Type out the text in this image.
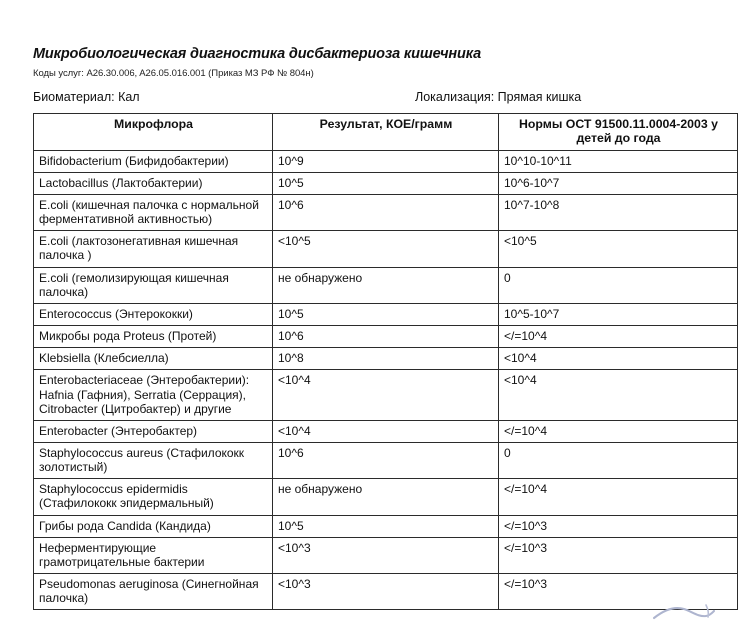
Микробиологическая диагностика дисбактериоза кишечника
Коды услуг: A26.30.006, A26.05.016.001 (Приказ МЗ РФ № 804н)
Биоматериал: Кал	Локализация: Прямая кишка
Микрофлора	Результат, КОЕ/грамм	Нормы ОСТ 91500.11.0004-2003 у детей до года
Bifidobacterium (Бифидобактерии)	10^9	10^10-10^11
Lactobacillus (Лактобактерии)	10^5	10^6-10^7
E.coli (кишечная палочка с нормальной ферментативной активностью)	10^6	10^7-10^8
E.coli (лактозонегативная кишечная палочка )	<10^5	<10^5
E.coli (гемолизирующая кишечная палочка)	не обнаружено	0
Enterococcus (Энтерококки)	10^5	10^5-10^7
Микробы рода Proteus (Протей)	10^6	</=10^4
Klebsiella (Клебсиелла)	10^8	<10^4
Enterobacteriaceae (Энтеробактерии): Hafnia (Гафния), Serratia (Серрация), Citrobacter (Цитробактер) и другие	<10^4	<10^4
Enterobacter (Энтеробактер)	<10^4	</=10^4
Staphylococcus aureus (Стафилококк золотистый)	10^6	0
Staphylococcus epidermidis (Стафилококк эпидермальный)	не обнаружено	</=10^4
Грибы рода Candida (Кандида)	10^5	</=10^3
Неферментирующие грамотрицательные бактерии	<10^3	</=10^3
Pseudomonas aeruginosa (Синегнойная палочка)	<10^3	</=10^3
